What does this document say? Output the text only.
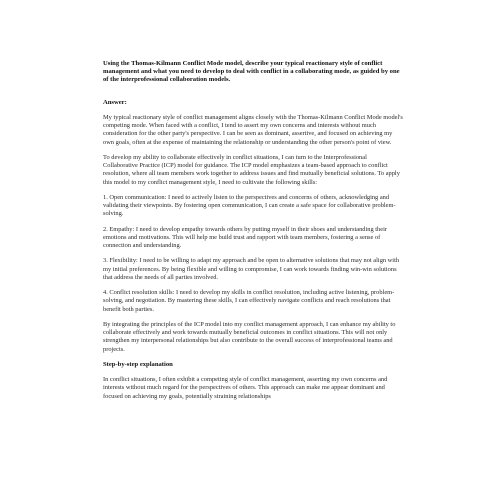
Using the Thomas-Kilmann Conflict Mode model, describe your typical reactionary style of conflict management and what you need to develop to deal with conflict in a collaborating mode, as guided by one of the interprofessional collaboration models.

Answer:

My typical reactionary style of conflict management aligns closely with the Thomas-Kilmann Conflict Mode model's competing mode. When faced with a conflict, I tend to assert my own concerns and interests without much consideration for the other party's perspective. I can be seen as dominant, assertive, and focused on achieving my own goals, often at the expense of maintaining the relationship or understanding the other person's point of view.

To develop my ability to collaborate effectively in conflict situations, I can turn to the Interprofessional Collaborative Practice (ICP) model for guidance. The ICP model emphasizes a team-based approach to conflict resolution, where all team members work together to address issues and find mutually beneficial solutions. To apply this model to my conflict management style, I need to cultivate the following skills:

1. Open communication: I need to actively listen to the perspectives and concerns of others, acknowledging and validating their viewpoints. By fostering open communication, I can create a safe space for collaborative problem-solving.

2. Empathy: I need to develop empathy towards others by putting myself in their shoes and understanding their emotions and motivations. This will help me build trust and rapport with team members, fostering a sense of connection and understanding.

3. Flexibility: I need to be willing to adapt my approach and be open to alternative solutions that may not align with my initial preferences. By being flexible and willing to compromise, I can work towards finding win-win solutions that address the needs of all parties involved.

4. Conflict resolution skills: I need to develop my skills in conflict resolution, including active listening, problem-solving, and negotiation. By mastering these skills, I can effectively navigate conflicts and reach resolutions that benefit both parties.

By integrating the principles of the ICP model into my conflict management approach, I can enhance my ability to collaborate effectively and work towards mutually beneficial outcomes in conflict situations. This will not only strengthen my interpersonal relationships but also contribute to the overall success of interprofessional teams and projects.

Step-by-step explanation

In conflict situations, I often exhibit a competing style of conflict management, asserting my own concerns and interests without much regard for the perspectives of others. This approach can make me appear dominant and focused on achieving my goals, potentially straining relationships
